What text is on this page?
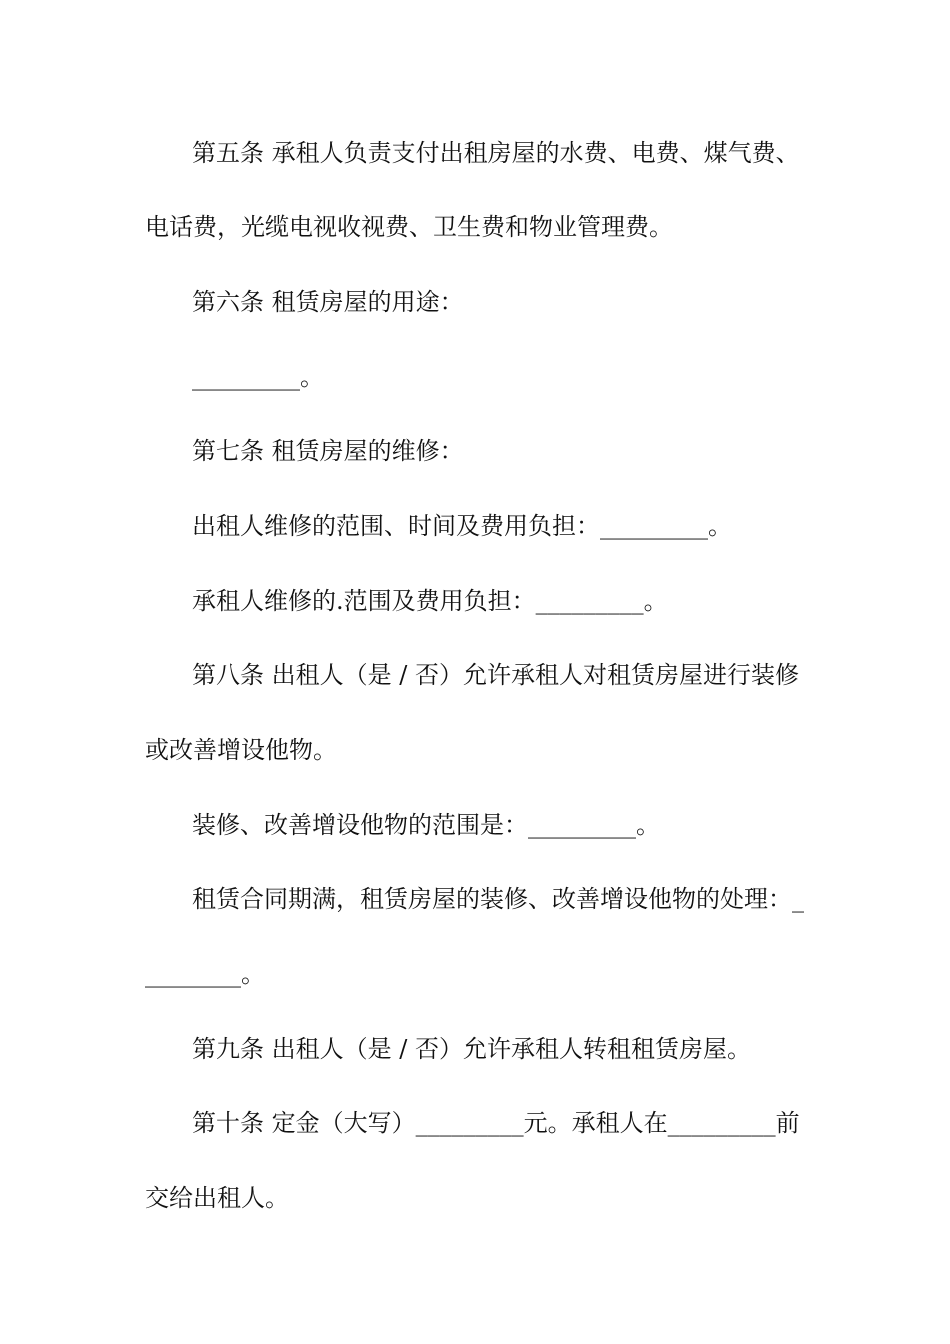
第五条 承租人负责支付出租房屋的水费、电费、煤气费、
电话费，光缆电视收视费、卫生费和物业管理费。
第六条 租赁房屋的用途：
_________。
第七条 租赁房屋的维修：
出租人维修的范围、时间及费用负担：_________。
承租人维修的.范围及费用负担：_________。
第八条 出租人（是 / 否）允许承租人对租赁房屋进行装修
或改善增设他物。
装修、改善增设他物的范围是：_________。
租赁合同期满，租赁房屋的装修、改善增设他物的处理：_
________。
第九条 出租人（是 / 否）允许承租人转租租赁房屋。
第十条 定金（大写）_________元。承租人在_________前
交给出租人。
